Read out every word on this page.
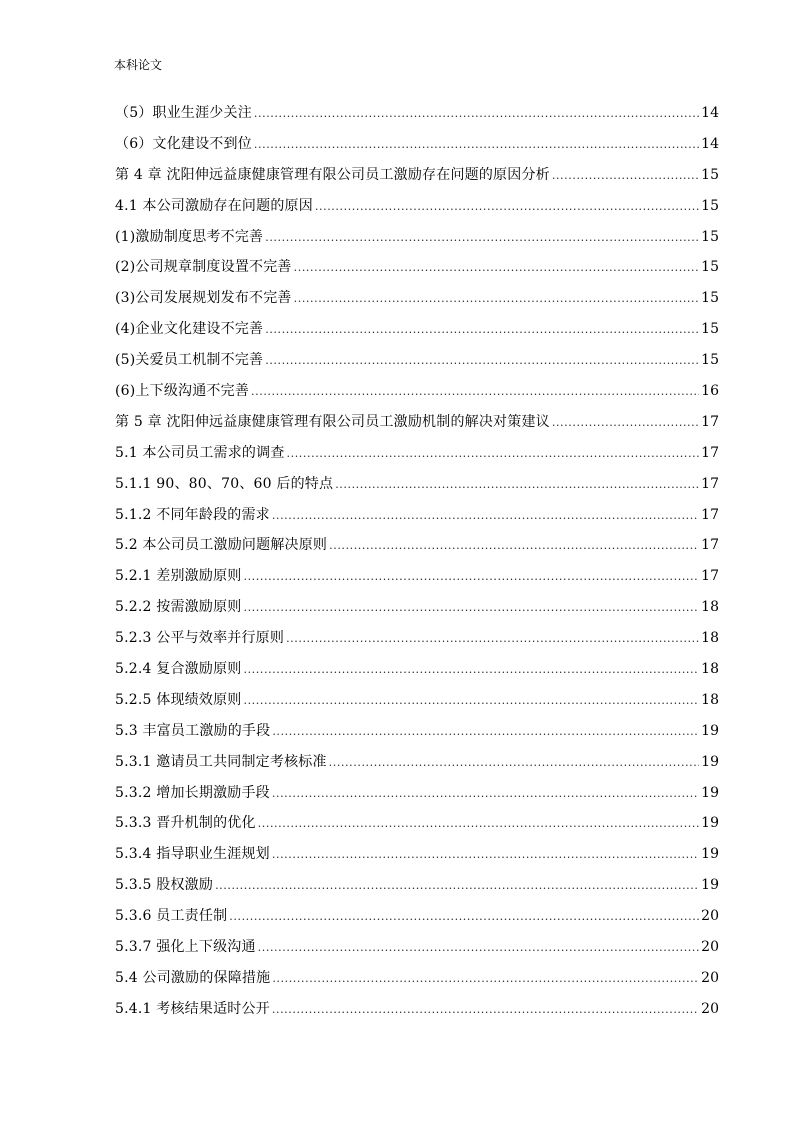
本科论文
（5）职业生涯少关注 .....	14
（6）文化建设不到位 .....	14
第 4 章 沈阳伸远益康健康管理有限公司员工激励存在问题的原因分析 .....	15
4.1 本公司激励存在问题的原因 .....	15
(1)激励制度思考不完善 .....	15
(2)公司规章制度设置不完善 .....	15
(3)公司发展规划发布不完善 .....	15
(4)企业文化建设不完善 .....	15
(5)关爱员工机制不完善 .....	15
(6)上下级沟通不完善 .....	16
第 5 章 沈阳伸远益康健康管理有限公司员工激励机制的解决对策建议 .....	17
5.1 本公司员工需求的调查 .....	17
5.1.1 90、80、70、60 后的特点 .....	17
5.1.2 不同年龄段的需求 .....	17
5.2 本公司员工激励问题解决原则 .....	17
5.2.1 差别激励原则 .....	17
5.2.2 按需激励原则 .....	18
5.2.3 公平与效率并行原则 .....	18
5.2.4 复合激励原则 .....	18
5.2.5 体现绩效原则 .....	18
5.3 丰富员工激励的手段 .....	19
5.3.1 邀请员工共同制定考核标准 .....	19
5.3.2 增加长期激励手段 .....	19
5.3.3 晋升机制的优化 .....	19
5.3.4 指导职业生涯规划 .....	19
5.3.5 股权激励 .....	19
5.3.6 员工责任制 .....	20
5.3.7 强化上下级沟通 .....	20
5.4 公司激励的保障措施 .....	20
5.4.1 考核结果适时公开 .....	20
